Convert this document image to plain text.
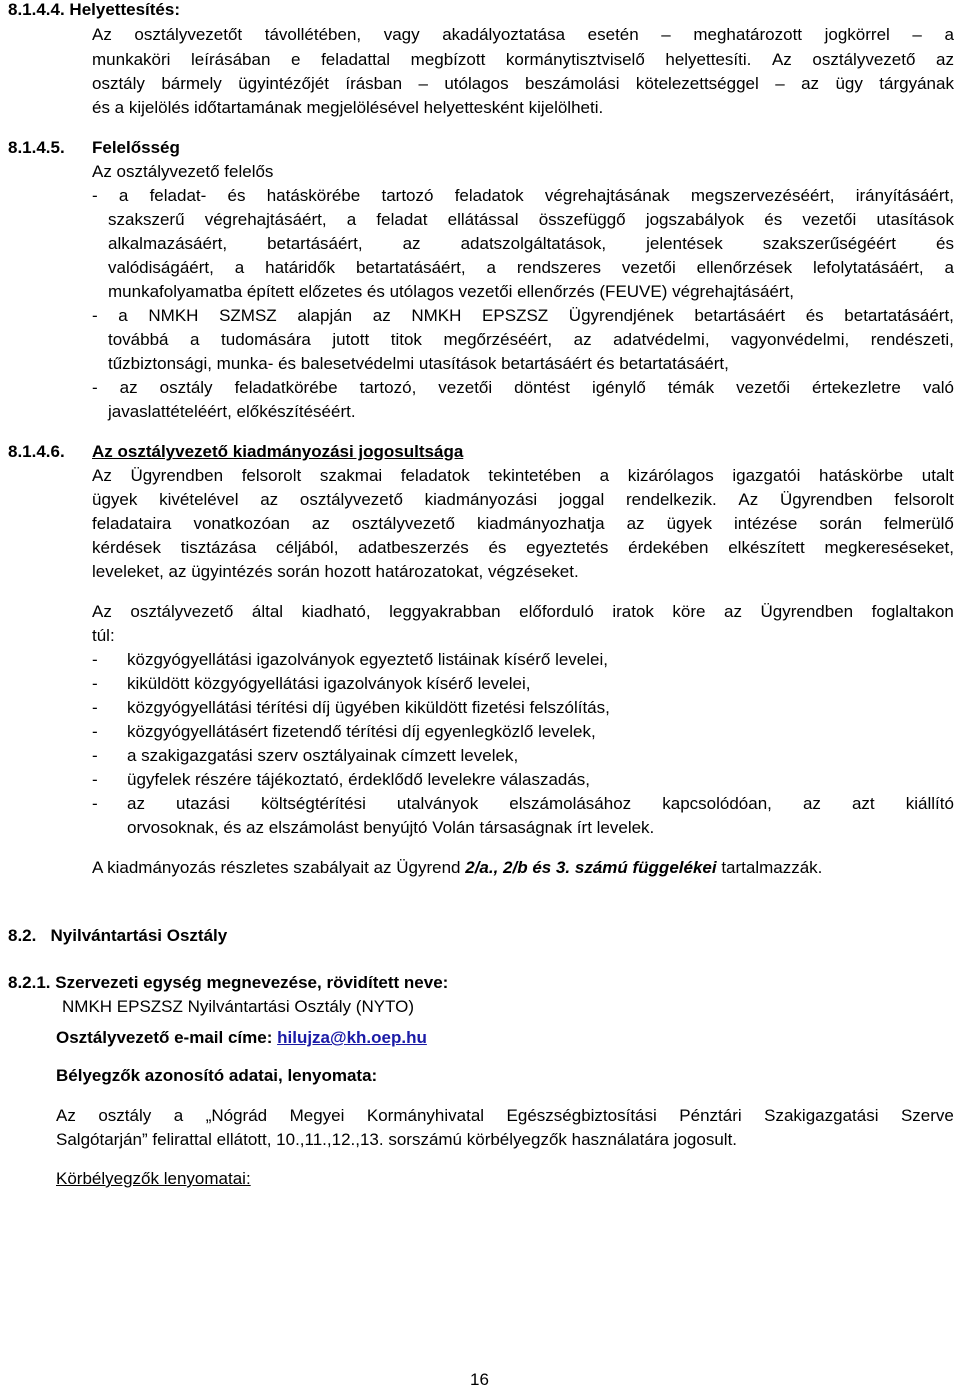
8.1.4.4. Helyettesítés:
Az osztályvezetőt távollétében, vagy akadályoztatása esetén – meghatározott jogkörrel – a
munkaköri leírásában e feladattal megbízott kormánytisztviselő helyettesíti. Az osztályvezető az
osztály bármely ügyintézőjét írásban – utólagos beszámolási kötelezettséggel – az ügy tárgyának
és a kijelölés időtartamának megjelölésével helyettesként kijelölheti.
8.1.4.5. Felelősség
Az osztályvezető felelős
- a feladat- és hatáskörébe tartozó feladatok végrehajtásának megszervezéséért, irányításáért,
szakszerű végrehajtásáért, a feladat ellátással összefüggő jogszabályok és vezetői utasítások
alkalmazásáért, betartásáért, az adatszolgáltatások, jelentések szakszerűségéért és
valódiságáért, a határidők betartatásáért, a rendszeres vezetői ellenőrzések lefolytatásáért, a
munkafolyamatba épített előzetes és utólagos vezetői ellenőrzés (FEUVE) végrehajtásáért,
- a NMKH SZMSZ alapján az NMKH EPSZSZ Ügyrendjének betartásáért és betartatásáért,
továbbá a tudomására jutott titok megőrzéséért, az adatvédelmi, vagyonvédelmi, rendészeti,
tűzbiztonsági, munka- és balesetvédelmi utasítások betartásáért és betartatásáért,
- az osztály feladatkörébe tartozó, vezetői döntést igénylő témák vezetői értekezletre való
javaslattételéért, előkészítéséért.
8.1.4.6. Az osztályvezető kiadmányozási jogosultsága
Az Ügyrendben felsorolt szakmai feladatok tekintetében a kizárólagos igazgatói hatáskörbe utalt
ügyek kivételével az osztályvezető kiadmányozási joggal rendelkezik. Az Ügyrendben felsorolt
feladataira vonatkozóan az osztályvezető kiadmányozhatja az ügyek intézése során felmerülő
kérdések tisztázása céljából, adatbeszerzés és egyeztetés érdekében elkészített megkereséseket,
leveleket, az ügyintézés során hozott határozatokat, végzéseket.
Az osztályvezető által kiadható, leggyakrabban előforduló iratok köre az Ügyrendben foglaltakon
túl:
- közgyógyellátási igazolványok egyeztető listáinak kísérő levelei,
- kiküldött közgyógyellátási igazolványok kísérő levelei,
- közgyógyellátási térítési díj ügyében kiküldött fizetési felszólítás,
- közgyógyellátásért fizetendő térítési díj egyenlegközlő levelek,
- a szakigazgatási szerv osztályainak címzett levelek,
- ügyfelek részére tájékoztató, érdeklődő levelekre válaszadás,
- az utazási költségtérítési utalványok elszámolásához kapcsolódóan, az azt kiállító
orvosoknak, és az elszámolást benyújtó Volán társaságnak írt levelek.
A kiadmányozás részletes szabályait az Ügyrend 2/a., 2/b és 3. számú függelékei tartalmazzák.
8.2.   Nyilvántartási Osztály
8.2.1. Szervezeti egység megnevezése, rövidített neve:
NMKH EPSZSZ Nyilvántartási Osztály (NYTO)
Osztályvezető e-mail címe: hilujza@kh.oep.hu
Bélyegzők azonosító adatai, lenyomata:
Az osztály a „Nógrád Megyei Kormányhivatal Egészségbiztosítási Pénztári Szakigazgatási Szerve
Salgótarján” felirattal ellátott, 10.,11.,12.,13. sorszámú körbélyegzők használatára jogosult.
Körbélyegzők lenyomatai:
16
